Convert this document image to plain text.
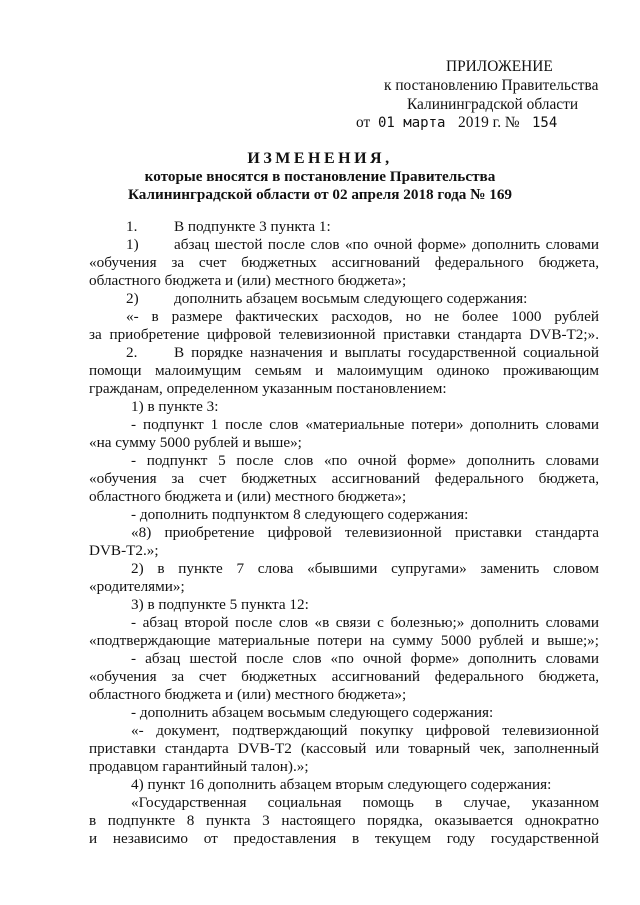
ПРИЛОЖЕНИЕ
к постановлению Правительства
Калининградской области
от 01 марта 2019 г. № 154
ИЗМЕНЕНИЯ,
которые вносятся в постановление Правительства
Калининградской области от 02 апреля 2018 года № 169
1. В подпункте 3 пункта 1:
1) абзац шестой после слов «по очной форме» дополнить словами
«обучения за счет бюджетных ассигнований федерального бюджета,
областного бюджета и (или) местного бюджета»;
2) дополнить абзацем восьмым следующего содержания:
«- в размере фактических расходов, но не более 1000 рублей
за приобретение цифровой телевизионной приставки стандарта DVB-T2;».
2. В порядке назначения и выплаты государственной социальной
помощи малоимущим семьям и малоимущим одиноко проживающим
гражданам, определенном указанным постановлением:
1) в пункте 3:
- подпункт 1 после слов «материальные потери» дополнить словами
«на сумму 5000 рублей и выше»;
- подпункт 5 после слов «по очной форме» дополнить словами
«обучения за счет бюджетных ассигнований федерального бюджета,
областного бюджета и (или) местного бюджета»;
- дополнить подпунктом 8 следующего содержания:
«8) приобретение цифровой телевизионной приставки стандарта
DVB-T2.»;
2) в пункте 7 слова «бывшими супругами» заменить словом
«родителями»;
3) в подпункте 5 пункта 12:
- абзац второй после слов «в связи с болезнью;» дополнить словами
«подтверждающие материальные потери на сумму 5000 рублей и выше;»;
- абзац шестой после слов «по очной форме» дополнить словами
«обучения за счет бюджетных ассигнований федерального бюджета,
областного бюджета и (или) местного бюджета»;
- дополнить абзацем восьмым следующего содержания:
«- документ, подтверждающий покупку цифровой телевизионной
приставки стандарта DVB-T2 (кассовый или товарный чек, заполненный
продавцом гарантийный талон).»;
4) пункт 16 дополнить абзацем вторым следующего содержания:
«Государственная социальная помощь в случае, указанном
в подпункте 8 пункта 3 настоящего порядка, оказывается однократно
и независимо от предоставления в текущем году государственной
